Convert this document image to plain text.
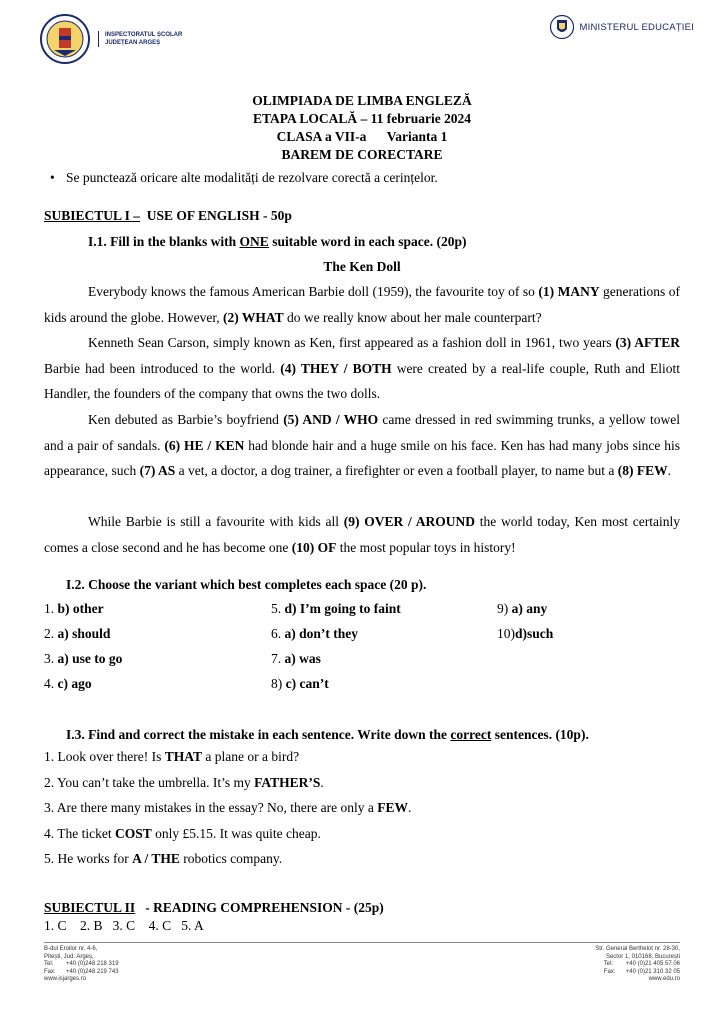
INSPECTORATUL ȘCOLAR
JUDEȚEAN ARGEȘ
MINISTERUL EDUCAȚIEI
OLIMPIADA DE LIMBA ENGLEZĂ
ETAPA LOCALĂ – 11 februarie 2024
CLASA a VII-a Varianta 1
BAREM DE CORECTARE
• Se punctează oricare alte modalități de rezolvare corectă a cerințelor.
SUBIECTUL I – USE OF ENGLISH - 50p
I.1. Fill in the blanks with ONE suitable word in each space. (20p)
The Ken Doll
Everybody knows the famous American Barbie doll (1959), the favourite toy of so (1) MANY generations of kids around the globe. However, (2) WHAT do we really know about her male counterpart?
Kenneth Sean Carson, simply known as Ken, first appeared as a fashion doll in 1961, two years (3) AFTER Barbie had been introduced to the world. (4) THEY / BOTH were created by a real-life couple, Ruth and Eliott Handler, the founders of the company that owns the two dolls.
Ken debuted as Barbie’s boyfriend (5) AND / WHO came dressed in red swimming trunks, a yellow towel and a pair of sandals. (6) HE / KEN had blonde hair and a huge smile on his face. Ken has had many jobs since his appearance, such (7) AS a vet, a doctor, a dog trainer, a firefighter or even a football player, to name but a (8) FEW.
While Barbie is still a favourite with kids all (9) OVER / AROUND the world today, Ken most certainly comes a close second and he has become one (10) OF the most popular toys in history!
I.2. Choose the variant which best completes each space (20 p).
1. b) other	5. d) I’m going to faint	9) a) any
2. a) should	6. a) don’t they	10)d)such
3. a) use to go	7. a) was
4. c) ago	8) c) can’t
I.3. Find and correct the mistake in each sentence. Write down the correct sentences. (10p).
1. Look over there! Is THAT a plane or a bird?
2. You can’t take the umbrella. It’s my FATHER’S.
3. Are there many mistakes in the essay? No, there are only a FEW.
4. The ticket COST only £5.15. It was quite cheap.
5. He works for A / THE robotics company.
SUBIECTUL II   - READING COMPREHENSION - (25p)
1. C    2. B   3. C    4. C   5. A
B-dul Eroilor nr. 4-6,
Pitești, Jud. Argeș,
Tel: +40 (0)248 218 319
Fax: +40 (0)248 219 743
www.isjarges.ro
Str. General Berthelot nr. 28-30,
Sector 1, 010168, București
Tel: +40 (0)21 405 57 06
Fax: +40 (0)21 310 32 05
www.edu.ro
